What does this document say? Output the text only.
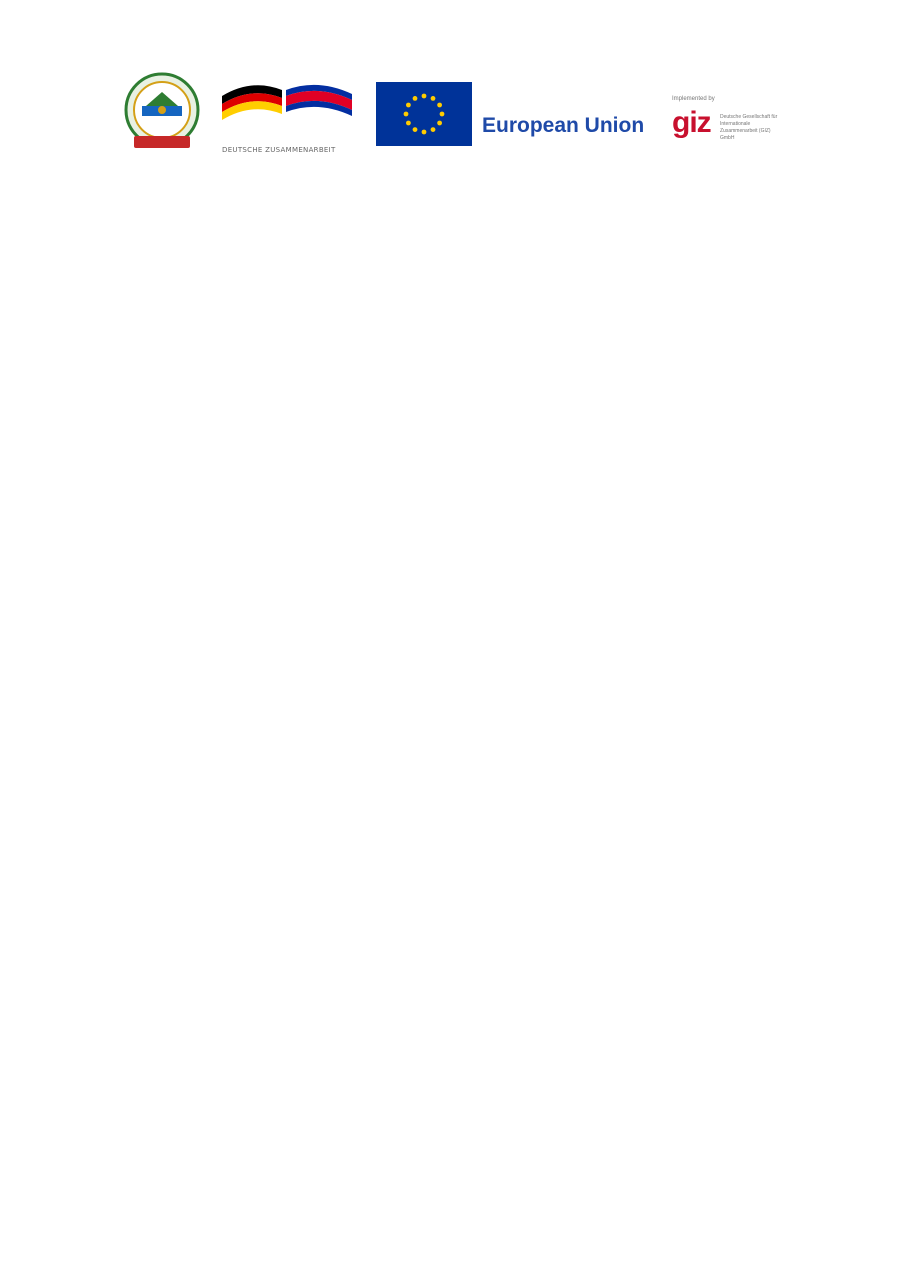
DEUTSCHE ZUSAMMENARBEIT
European Union
Implemented by
giz Deutsche Gesellschaft für Internationale Zusammenarbeit (GIZ) GmbH
